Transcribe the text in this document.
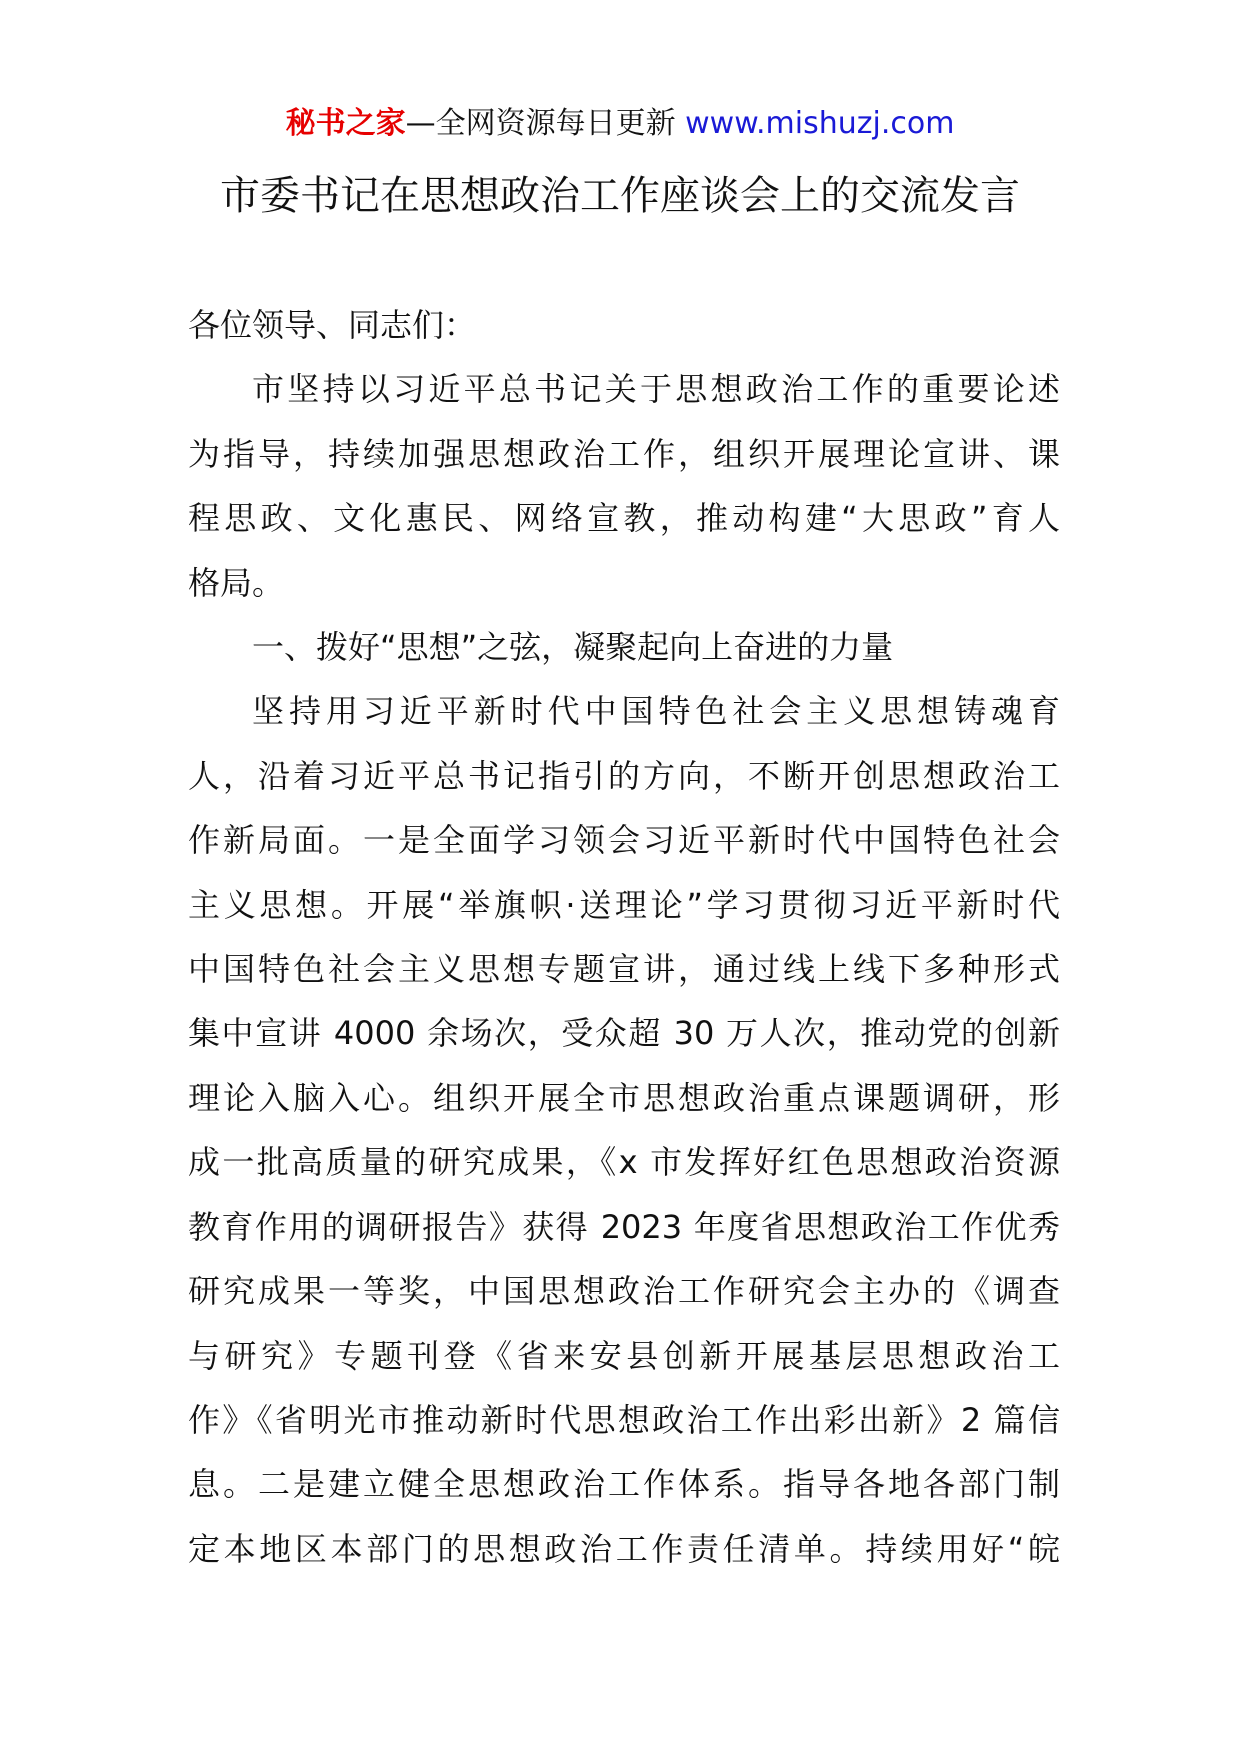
秘书之家—全网资源每日更新 www.mishuzj.com
市委书记在思想政治工作座谈会上的交流发言

各位领导、同志们：

市坚持以习近平总书记关于思想政治工作的重要论述
为指导，持续加强思想政治工作，组织开展理论宣讲、课
程思政、文化惠民、网络宣教，推动构建“大思政”育人
格局。

一、拨好“思想”之弦，凝聚起向上奋进的力量

坚持用习近平新时代中国特色社会主义思想铸魂育
人，沿着习近平总书记指引的方向，不断开创思想政治工
作新局面。一是全面学习领会习近平新时代中国特色社会
主义思想。开展“举旗帜·送理论”学习贯彻习近平新时代
中国特色社会主义思想专题宣讲，通过线上线下多种形式
集中宣讲 4000 余场次，受众超 30 万人次，推动党的创新
理论入脑入心。组织开展全市思想政治重点课题调研，形
成一批高质量的研究成果，《x 市发挥好红色思想政治资源
教育作用的调研报告》获得 2023 年度省思想政治工作优秀
研究成果一等奖，中国思想政治工作研究会主办的《调查
与研究》专题刊登《省来安县创新开展基层思想政治工
作》《省明光市推动新时代思想政治工作出彩出新》2 篇信
息。二是建立健全思想政治工作体系。指导各地各部门制
定本地区本部门的思想政治工作责任清单。持续用好“皖
